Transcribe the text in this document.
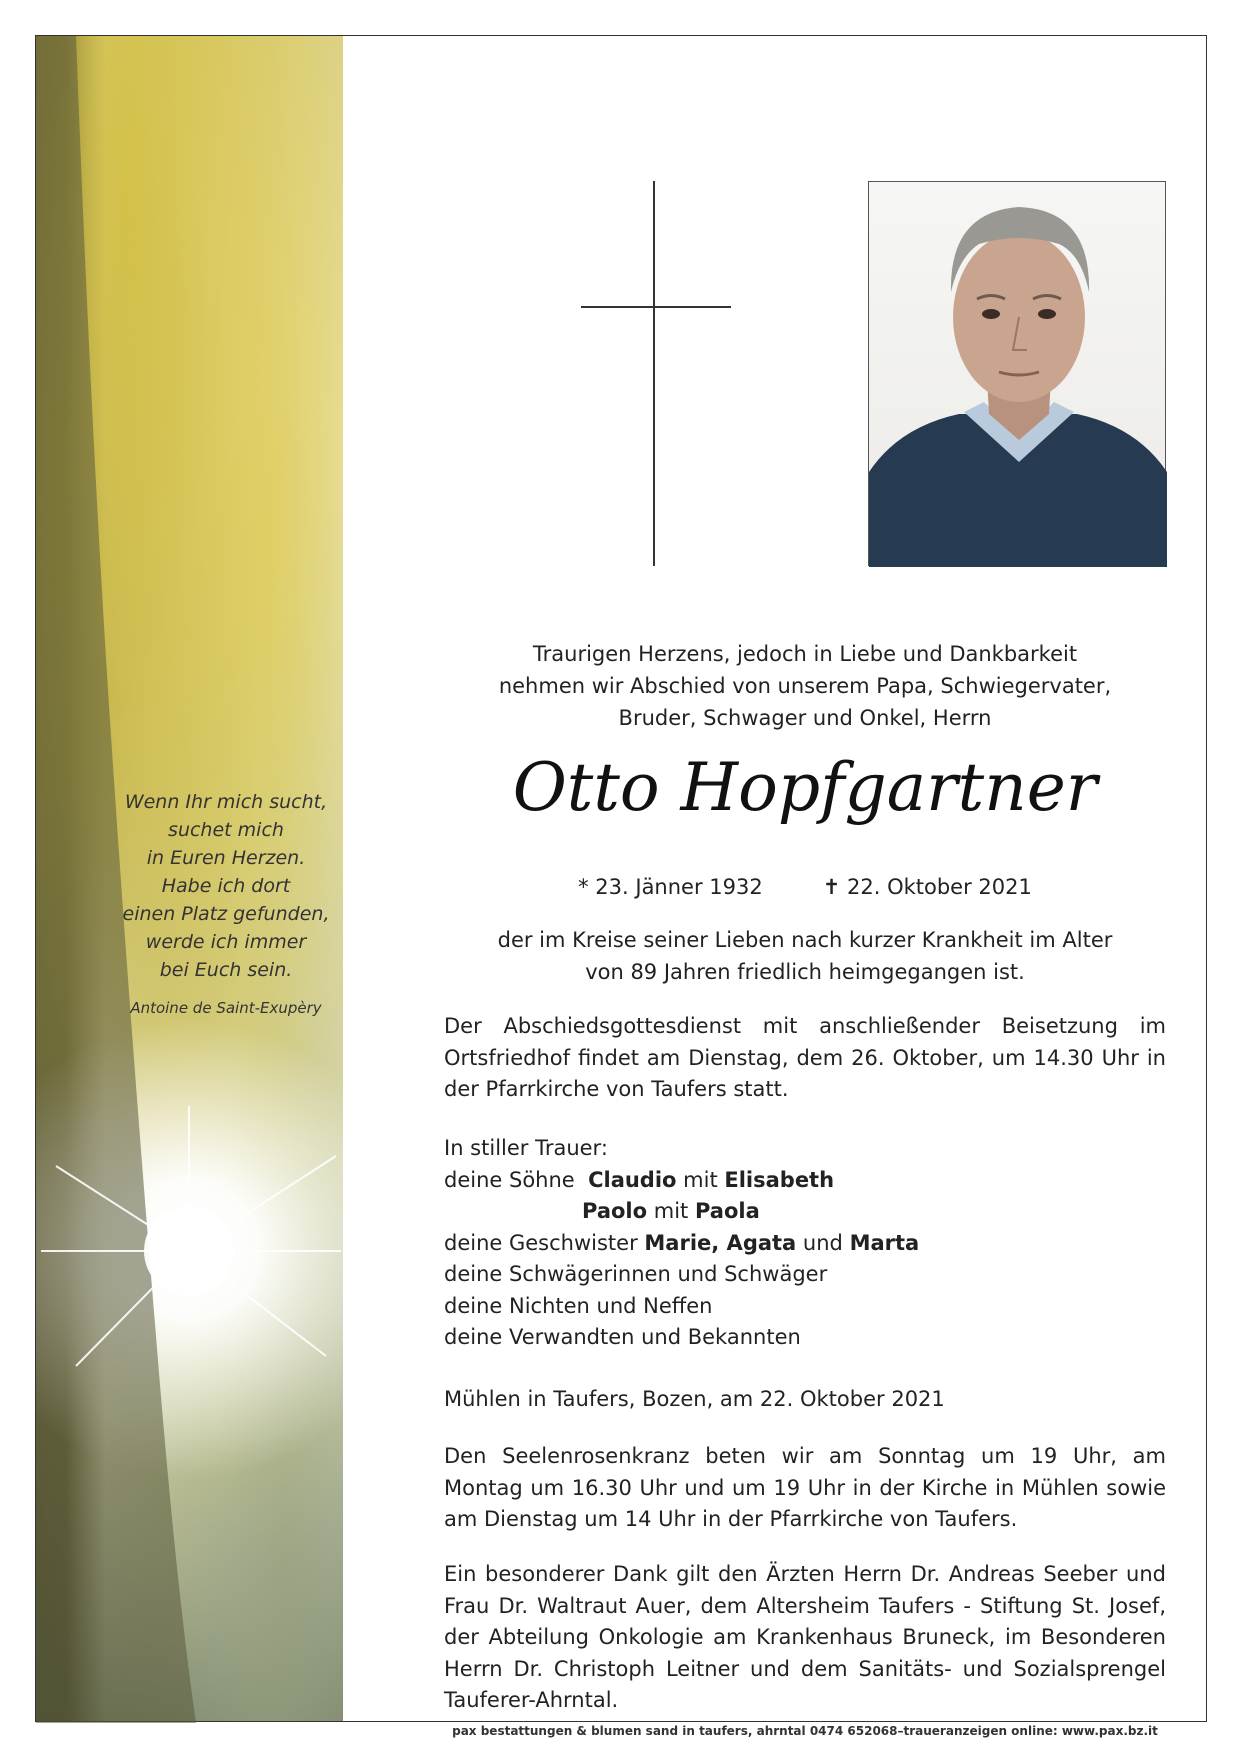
Wenn Ihr mich sucht,
suchet mich
in Euren Herzen.
Habe ich dort
einen Platz gefunden,
werde ich immer
bei Euch sein.
Antoine de Saint-Exupèry
Traurigen Herzens, jedoch in Liebe und Dankbarkeit
nehmen wir Abschied von unserem Papa, Schwiegervater,
Bruder, Schwager und Onkel, Herrn
Otto Hopfgartner
* 23. Jänner 1932	✝ 22. Oktober 2021
der im Kreise seiner Lieben nach kurzer Krankheit im Alter
von 89 Jahren friedlich heimgegangen ist.
Der Abschiedsgottesdienst mit anschließender Beisetzung im Ortsfriedhof findet am Dienstag, dem 26. Oktober, um 14.30 Uhr in der Pfarrkirche von Taufers statt.
In stiller Trauer:
deine Söhne Claudio mit Elisabeth
Paolo mit Paola
deine Geschwister Marie, Agata und Marta
deine Schwägerinnen und Schwäger
deine Nichten und Neffen
deine Verwandten und Bekannten
Mühlen in Taufers, Bozen, am 22. Oktober 2021
Den Seelenrosenkranz beten wir am Sonntag um 19 Uhr, am Montag um 16.30 Uhr und um 19 Uhr in der Kirche in Mühlen sowie am Dienstag um 14 Uhr in der Pfarrkirche von Taufers.
Ein besonderer Dank gilt den Ärzten Herrn Dr. Andreas Seeber und Frau Dr. Waltraut Auer, dem Altersheim Taufers - Stiftung St. Josef, der Abteilung Onkologie am Krankenhaus Bruneck, im Besonderen Herrn Dr. Christoph Leitner und dem Sanitäts- und Sozialsprengel Tauferer-Ahrntal.
pax bestattungen & blumen sand in taufers, ahrntal 0474 652068–traueranzeigen online: www.pax.bz.it
